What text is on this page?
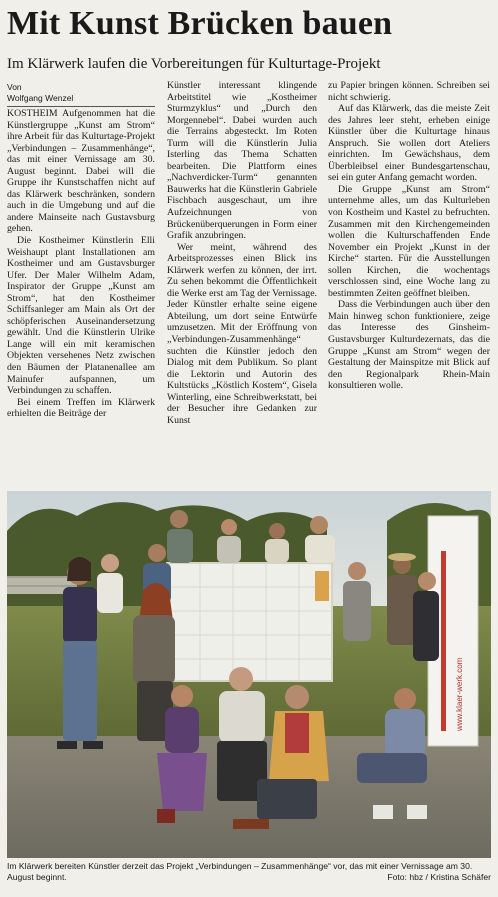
Mit Kunst Brücken bauen
Im Klärwerk laufen die Vorbereitungen für Kulturtage-Projekt
Von
Wolfgang Wenzel

KOSTHEIM Aufgenommen hat die Künstlergruppe „Kunst am Strom“ ihre Arbeit für das Kulturtage-Projekt „Verbindungen – Zusammenhänge“, das mit einer Vernissage am 30. August beginnt. Dabei will die Gruppe ihr Kunstschaffen nicht auf das Klärwerk beschränken, sondern auch in die Umgebung und auf die andere Mainseite nach Gustavsburg gehen.

Die Kostheimer Künstlerin Elli Weishaupt plant Installationen am Kostheimer und am Gustavsburger Ufer. Der Maler Wilhelm Adam, Inspirator der Gruppe „Kunst am Strom“, hat den Kostheimer Schiffsanleger am Main als Ort der schöpferischen Auseinandersetzung gewählt. Und die Künstlerin Ulrike Lange will ein mit keramischen Objekten versehenes Netz zwischen den Bäumen der Platanenallee am Mainufer aufspannen, um Verbindungen zu schaffen.

Bei einem Treffen im Klärwerk erhielten die Beiträge der

Künstler interessant klingende Arbeitstitel wie „Kostheimer Sturmzyklus“ und „Durch den Morgennebel“. Dabei wurden auch die Terrains abgesteckt. Im Roten Turm will die Künstlerin Julia Isterling das Thema Schatten bearbeiten. Die Plattform eines „Nachverdicker-Turm“ genannten Bauwerks hat die Künstlerin Gabriele Fischbach ausgeschaut, um ihre Aufzeichnungen von Brückenüberquerungen in Form einer Grafik anzubringen.

Wer meint, während des Arbeitsprozesses einen Blick ins Klärwerk werfen zu können, der irrt. Zu sehen bekommt die Öffentlichkeit die Werke erst am Tag der Vernissage. Jeder Künstler erhalte seine eigene Abteilung, um dort seine Entwürfe umzusetzen. Mit der Eröffnung von „Verbindungen-Zusammenhänge“ suchten die Künstler jedoch den Dialog mit dem Publikum. So plant die Lektorin und Autorin des Kultstücks „Köstlich Kostem“, Gisela Winterling, eine Schreibwerkstatt, bei der Besucher ihre Gedanken zur Kunst

zu Papier bringen können. Schreiben sei nicht schwierig.

Auf das Klärwerk, das die meiste Zeit des Jahres leer steht, erheben einige Künstler über die Kulturtage hinaus Anspruch. Sie wollen dort Ateliers einrichten. Im Gewächshaus, dem Überbleibsel einer Bundesgartenschau, sei ein guter Anfang gemacht worden.

Die Gruppe „Kunst am Strom“ unternehme alles, um das Kulturleben von Kostheim und Kastel zu befruchten. Zusammen mit den Kirchengemeinden wollen die Kulturschaffenden Ende November ein Projekt „Kunst in der Kirche“ starten. Für die Ausstellungen sollen Kirchen, die wochentags verschlossen sind, eine Woche lang zu bestimmten Zeiten geöffnet bleiben.

Dass die Verbindungen auch über den Main hinweg schon funktioniere, zeige das Interesse des Ginsheim-Gustavsburger Kulturdezernats, das die Gruppe „Kunst am Strom“ wegen der Gestaltung der Mainspitze mit Blick auf den Regionalpark Rhein-Main konsultieren wolle.

www.klaer-werk.com
Im Klärwerk bereiten Künstler derzeit das Projekt „Verbindungen – Zusammenhänge“ vor, das mit einer Vernissage am 30. August beginnt.	Foto: hbz / Kristina Schäfer
